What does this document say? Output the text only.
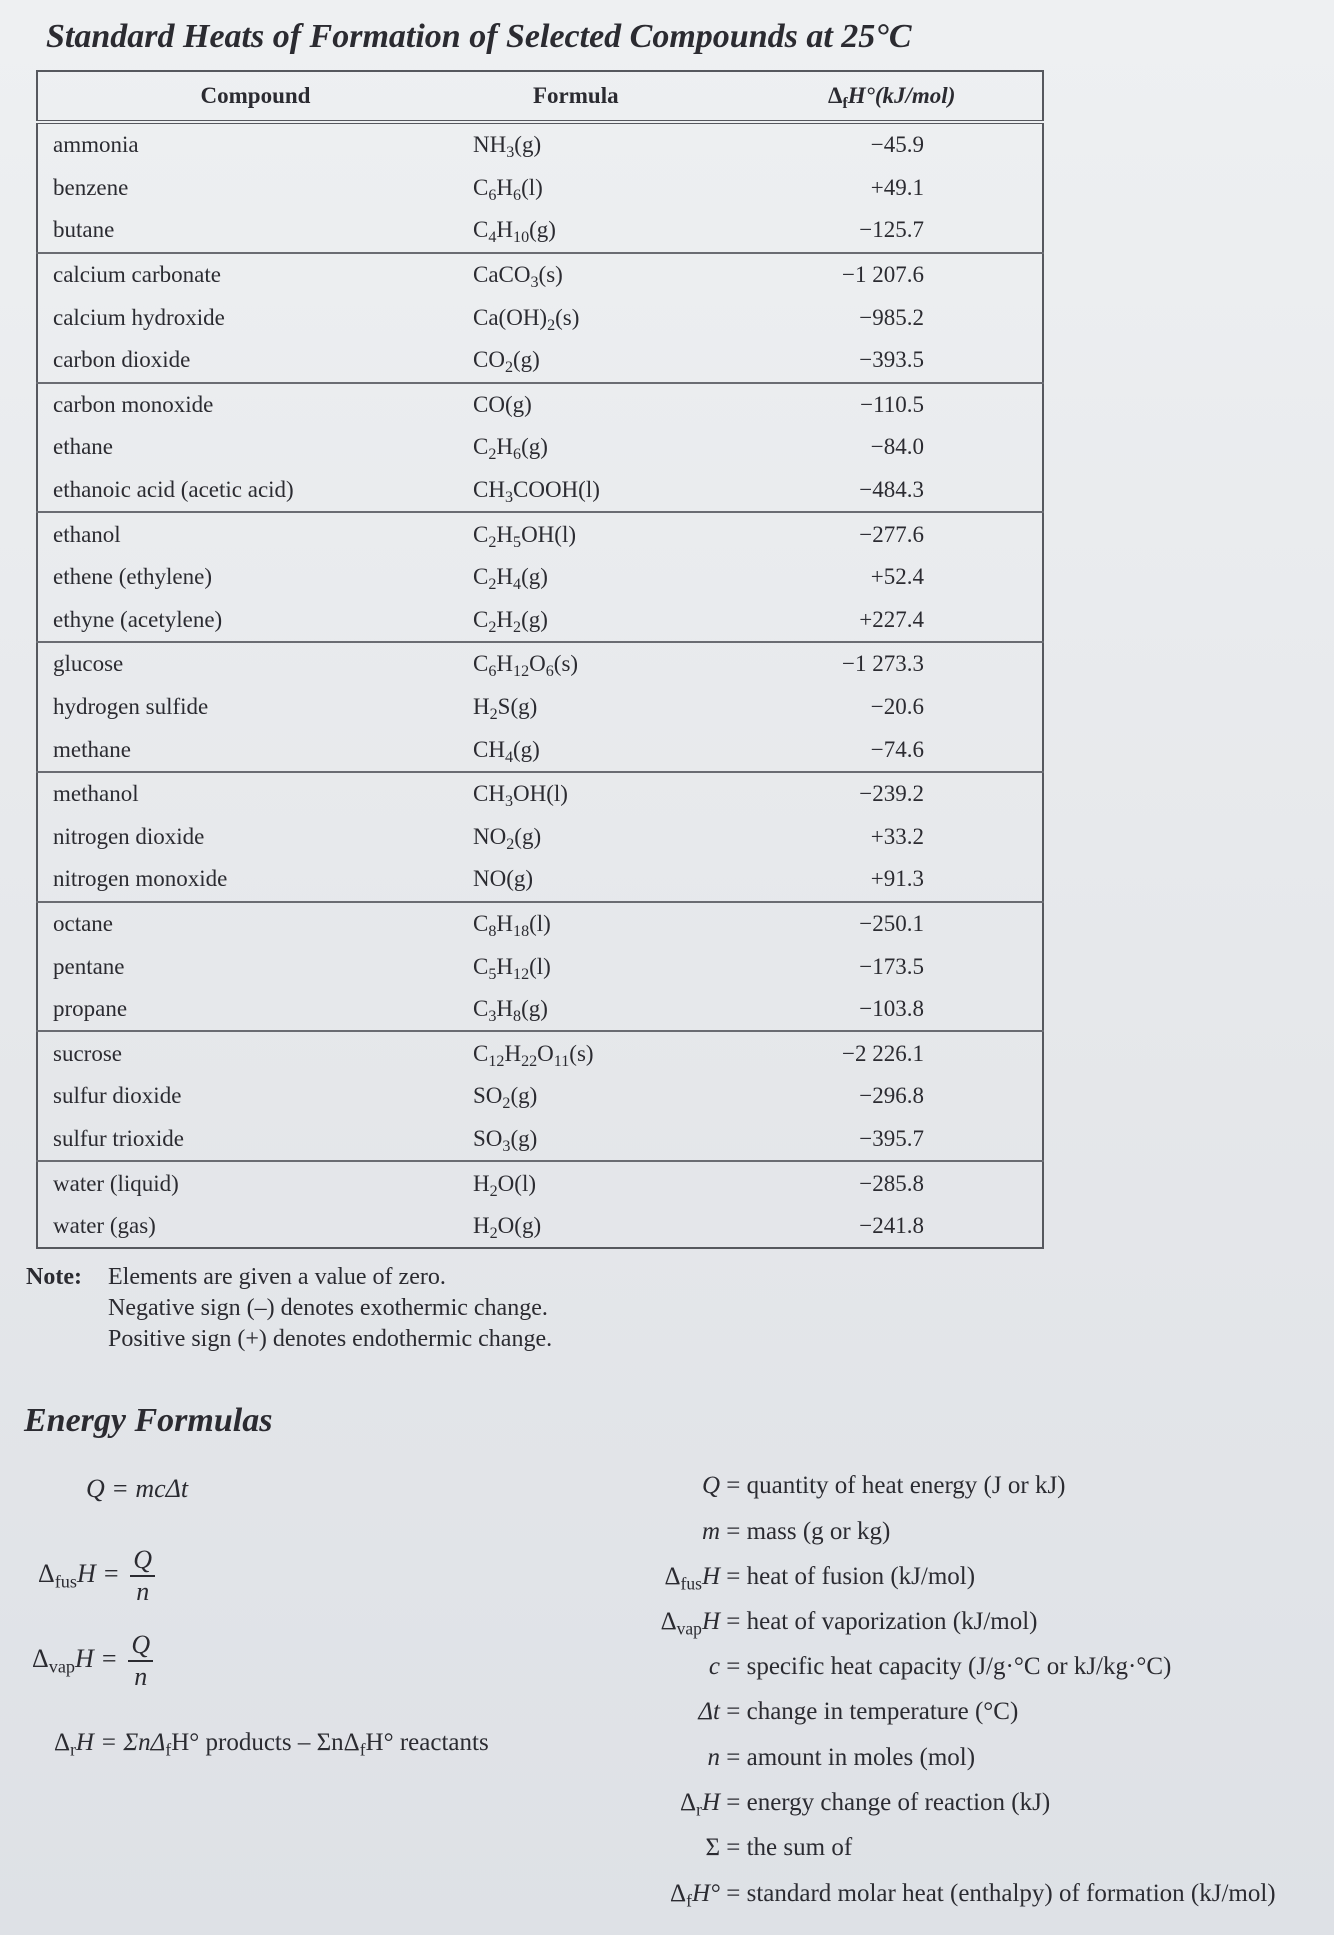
Standard Heats of Formation of Selected Compounds at 25°C
Compound	Formula	$\Delta_fH^\circ(kJ/mol)$
ammonia	$NH_3(g)$	−45.9
benzene	$C_6H_6(l)$	+49.1
butane	$C_4H_{10}(g)$	−125.7
calcium carbonate	CaCO$_3$(s)	−1 207.6
calcium hydroxide	$Ca(OH)_2(s)$	−985.2
carbon dioxide	$CO_2(g)$	−393.5
carbon monoxide	CO(g)	−110.5
ethane	$C_2H_6(g)$	−84.0
ethanoic acid (acetic acid)	$CH_3COOH(l)$	−484.3
ethanol	$C_2H_5OH(l)$	−277.6
ethene (ethylene)	$C_2H_4(g)$	+52.4
ethyne (acetylene)	$C_2H_2(g)$	+227.4
glucose	$C_6H_{12}O_6(s)$	−1 273.3
hydrogen sulfide	$H_2S(g)$	−20.6
methane	$CH_4(g)$	−74.6
methanol	$CH_3OH(l)$	−239.2
nitrogen dioxide	$NO_2(g)$	+33.2
nitrogen monoxide	NO(g)	+91.3
octane	$C_8H_{18}(l)$	−250.1
pentane	$C_5H_{12}(l)$	−173.5
propane	$C_3H_8(g)$	−103.8
sucrose	$C_{12}H_{22}O_{11}(s)$	−2 226.1
sulfur dioxide	$SO_2(g)$	−296.8
sulfur trioxide	$SO_3(g)$	−395.7
water (liquid)	$H_2O(l)$	−285.8
water (gas)	$H_2O(g)$	−241.8
Note: Elements are given a value of zero.
Negative sign (–) denotes exothermic change.
Positive sign (+) denotes endothermic change.
Energy Formulas
Q = mcΔt
$\Delta_{fus}H = \frac{Q}{n}$
$\Delta_{vap}H = \frac{Q}{n}$
$\Delta_rH = \Sigma n\Delta_fH^\circ$ products – ΣnΔ$_f$H° reactants
Q = quantity of heat energy (J or kJ)
m = mass (g or kg)
$\Delta_{fus}H$ = heat of fusion (kJ/mol)
$\Delta_{vap}H$ = heat of vaporization (kJ/mol)
c = specific heat capacity (J/g·°C or kJ/kg·°C)
Δt = change in temperature (°C)
n = amount in moles (mol)
$\Delta_rH$ = energy change of reaction (kJ)
Σ = the sum of
$\Delta_fH^\circ$ = standard molar heat (enthalpy) of formation (kJ/mol)
